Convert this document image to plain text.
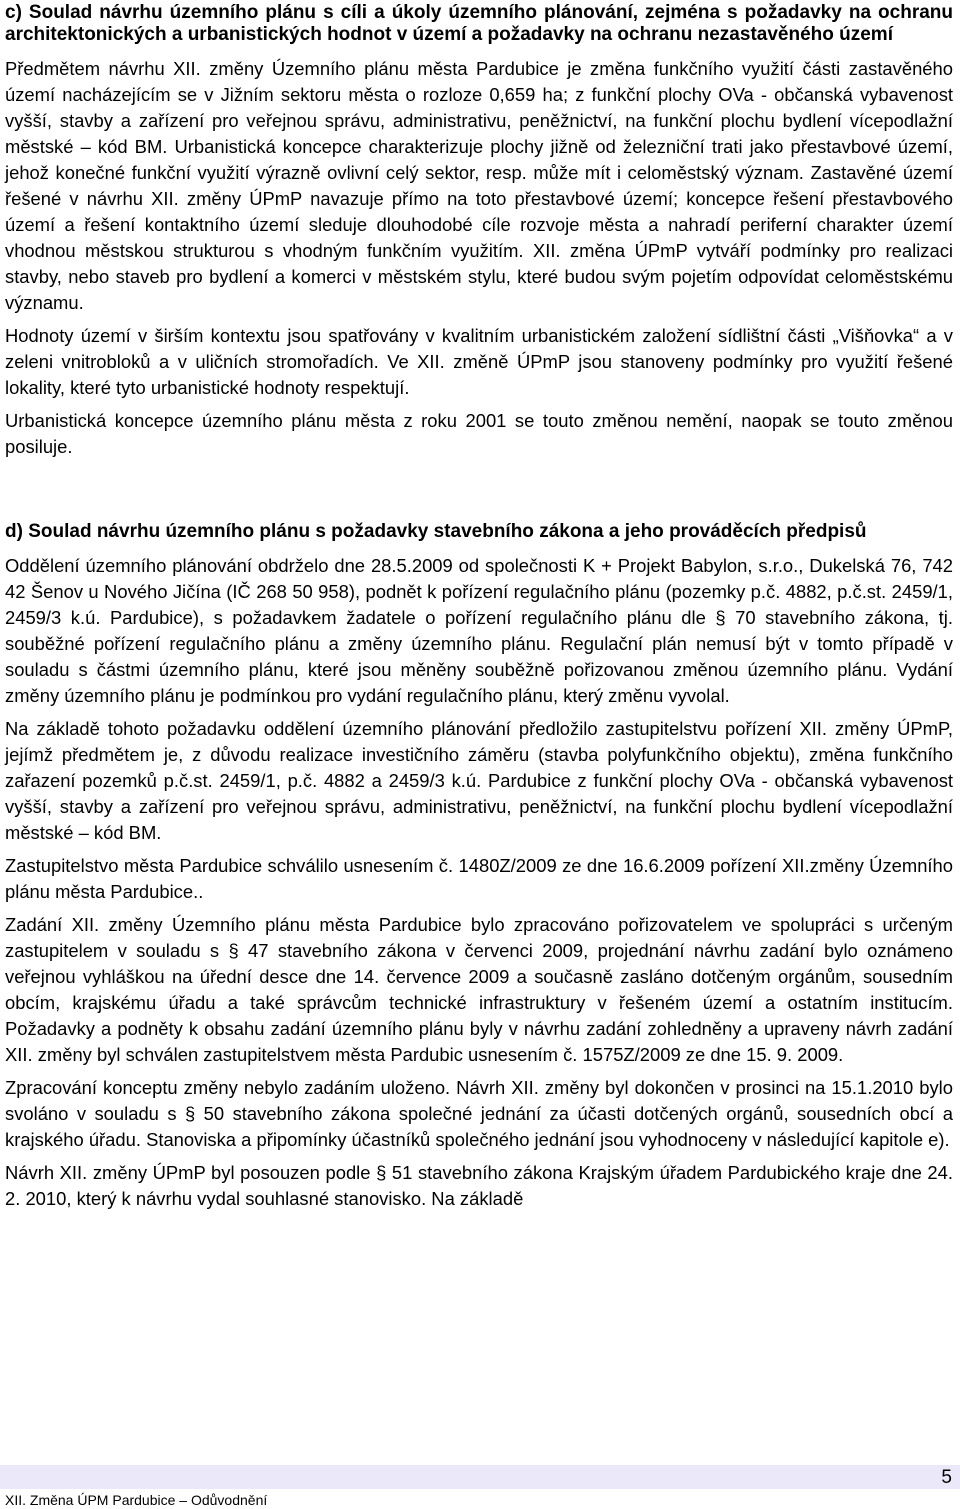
c) Soulad návrhu územního plánu s cíli a úkoly územního plánování, zejména s požadavky na ochranu architektonických a urbanistických hodnot v území a požadavky na ochranu nezastavěného území

Předmětem návrhu XII. změny Územního plánu města Pardubice je změna funkčního využití části zastavěného území nacházejícím se v Jižním sektoru města o rozloze 0,659 ha; z funkční plochy OVa - občanská vybavenost vyšší, stavby a zařízení pro veřejnou správu, administrativu, peněžnictví, na funkční plochu bydlení vícepodlažní městské – kód BM. Urbanistická koncepce charakterizuje plochy jižně od železniční trati jako přestavbové území, jehož konečné funkční využití výrazně ovlivní celý sektor, resp. může mít i celoměstský význam. Zastavěné území řešené v návrhu XII. změny ÚPmP navazuje přímo na toto přestavbové území; koncepce řešení přestavbového území a řešení kontaktního území sleduje dlouhodobé cíle rozvoje města a nahradí periferní charakter území vhodnou městskou strukturou s vhodným funkčním využitím. XII. změna ÚPmP vytváří podmínky pro realizaci stavby, nebo staveb pro bydlení a komerci v městském stylu, které budou svým pojetím odpovídat celoměstskému významu.

Hodnoty území v širším kontextu jsou spatřovány v kvalitním urbanistickém založení sídlištní části „Višňovka“ a v zeleni vnitrobloků a v uličních stromořadích. Ve XII. změně ÚPmP jsou stanoveny podmínky pro využití řešené lokality, které tyto urbanistické hodnoty respektují.

Urbanistická koncepce územního plánu města z roku 2001 se touto změnou nemění, naopak se touto změnou posiluje.

d) Soulad návrhu územního plánu s požadavky stavebního zákona a jeho prováděcích předpisů

Oddělení územního plánování obdrželo dne 28.5.2009 od společnosti K + Projekt Babylon, s.r.o., Dukelská 76, 742 42 Šenov u Nového Jičína (IČ 268 50 958), podnět k pořízení regulačního plánu (pozemky p.č. 4882, p.č.st. 2459/1, 2459/3 k.ú. Pardubice), s požadavkem žadatele o pořízení regulačního plánu dle § 70 stavebního zákona, tj. souběžné pořízení regulačního plánu a změny územního plánu. Regulační plán nemusí být v tomto případě v souladu s částmi územního plánu, které jsou měněny souběžně pořizovanou změnou územního plánu. Vydání změny územního plánu je podmínkou pro vydání regulačního plánu, který změnu vyvolal.

Na základě tohoto požadavku oddělení územního plánování předložilo zastupitelstvu pořízení XII. změny ÚPmP, jejímž předmětem je, z důvodu realizace investičního záměru (stavba polyfunkčního objektu), změna funkčního zařazení pozemků p.č.st. 2459/1, p.č. 4882 a 2459/3 k.ú. Pardubice z funkční plochy OVa - občanská vybavenost vyšší, stavby a zařízení pro veřejnou správu, administrativu, peněžnictví, na funkční plochu bydlení vícepodlažní městské – kód BM.

Zastupitelstvo města Pardubice schválilo usnesením č. 1480Z/2009 ze dne 16.6.2009 pořízení XII.změny Územního plánu města Pardubice..

Zadání XII. změny Územního plánu města Pardubice bylo zpracováno pořizovatelem ve spolupráci s určeným zastupitelem v souladu s § 47 stavebního zákona v červenci 2009, projednání návrhu zadání bylo oznámeno veřejnou vyhláškou na úřední desce dne 14. července 2009 a současně zasláno dotčeným orgánům, sousedním obcím, krajskému úřadu a také správcům technické infrastruktury v řešeném území a ostatním institucím. Požadavky a podněty k obsahu zadání územního plánu byly v návrhu zadání zohledněny a upraveny návrh zadání XII. změny byl schválen zastupitelstvem města Pardubic usnesením č. 1575Z/2009 ze dne 15. 9. 2009.

Zpracování konceptu změny nebylo zadáním uloženo. Návrh XII. změny byl dokončen v prosinci na 15.1.2010 bylo svoláno v souladu s § 50 stavebního zákona společné jednání za účasti dotčených orgánů, sousedních obcí a krajského úřadu. Stanoviska a připomínky účastníků společného jednání jsou vyhodnoceny v následující kapitole e).

Návrh XII. změny ÚPmP byl posouzen podle § 51 stavebního zákona Krajským úřadem Pardubického kraje dne 24. 2. 2010, který k návrhu vydal souhlasné stanovisko. Na základě

5
XII. Změna ÚPM Pardubice – Odůvodnění
